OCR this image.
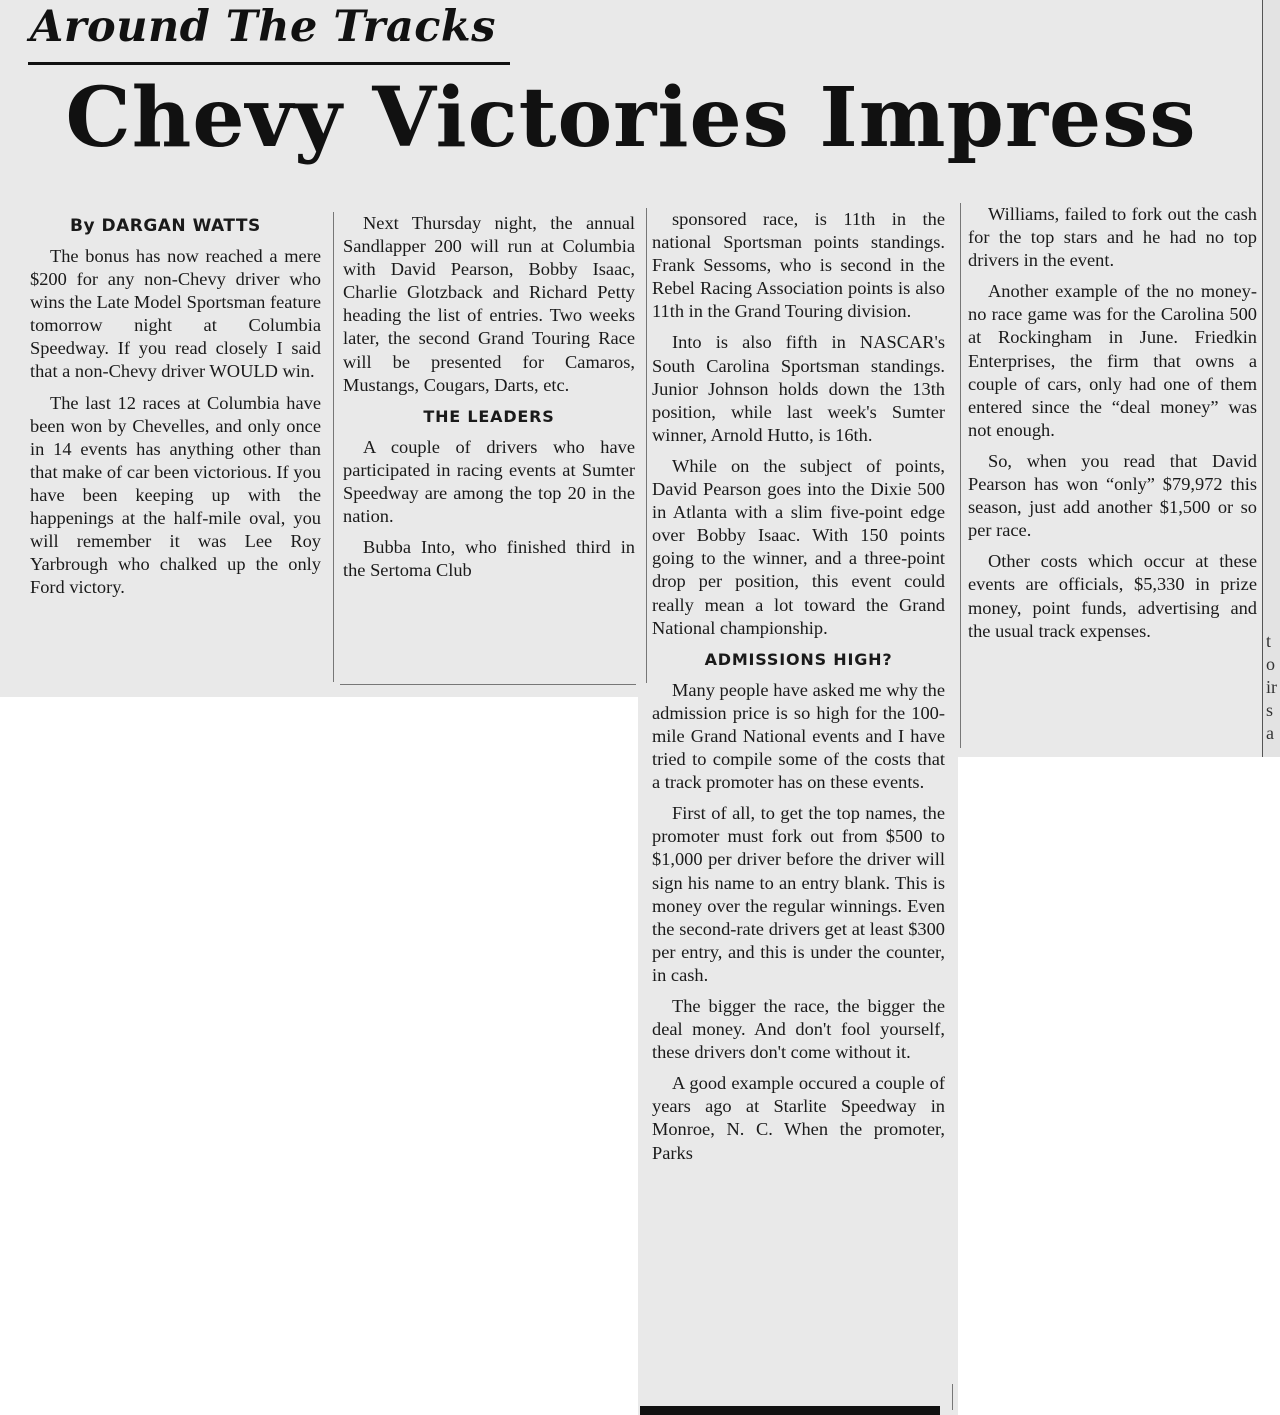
Around The Tracks
Chevy Victories Impress

By DARGAN WATTS

The bonus has now reached a mere $200 for any non-Chevy driver who wins the Late Model Sportsman feature tomorrow night at Columbia Speedway. If you read closely I said that a non-Chevy driver WOULD win.

The last 12 races at Columbia have been won by Chevelles, and only once in 14 events has anything other than that make of car been victorious. If you have been keeping up with the happenings at the half-mile oval, you will remember it was Lee Roy Yarbrough who chalked up the only Ford victory.

Next Thursday night, the annual Sandlapper 200 will run at Columbia with David Pearson, Bobby Isaac, Charlie Glotzback and Richard Petty heading the list of entries. Two weeks later, the second Grand Touring Race will be presented for Camaros, Mustangs, Cougars, Darts, etc.

THE LEADERS

A couple of drivers who have participated in racing events at Sumter Speedway are among the top 20 in the nation.

Bubba Into, who finished third in the Sertoma Club

sponsored race, is 11th in the national Sportsman points standings. Frank Sessoms, who is second in the Rebel Racing Association points is also 11th in the Grand Touring division.

Into is also fifth in NASCAR's South Carolina Sportsman standings. Junior Johnson holds down the 13th position, while last week's Sumter winner, Arnold Hutto, is 16th.

While on the subject of points, David Pearson goes into the Dixie 500 in Atlanta with a slim five-point edge over Bobby Isaac. With 150 points going to the winner, and a three-point drop per position, this event could really mean a lot toward the Grand National championship.

ADMISSIONS HIGH?

Many people have asked me why the admission price is so high for the 100-mile Grand National events and I have tried to compile some of the costs that a track promoter has on these events.

First of all, to get the top names, the promoter must fork out from $500 to $1,000 per driver before the driver will sign his name to an entry blank. This is money over the regular winnings. Even the second-rate drivers get at least $300 per entry, and this is under the counter, in cash.

The bigger the race, the bigger the deal money. And don't fool yourself, these drivers don't come without it.

A good example occured a couple of years ago at Starlite Speedway in Monroe, N. C. When the promoter, Parks

Williams, failed to fork out the cash for the top stars and he had no top drivers in the event.

Another example of the no money-no race game was for the Carolina 500 at Rockingham in June. Friedkin Enterprises, the firm that owns a couple of cars, only had one of them entered since the “deal money” was not enough.

So, when you read that David Pearson has won “only” $79,972 this season, just add another $1,500 or so per race.

Other costs which occur at these events are officials, $5,330 in prize money, point funds, advertising and the usual track expenses.

t
o
ir
s
a
